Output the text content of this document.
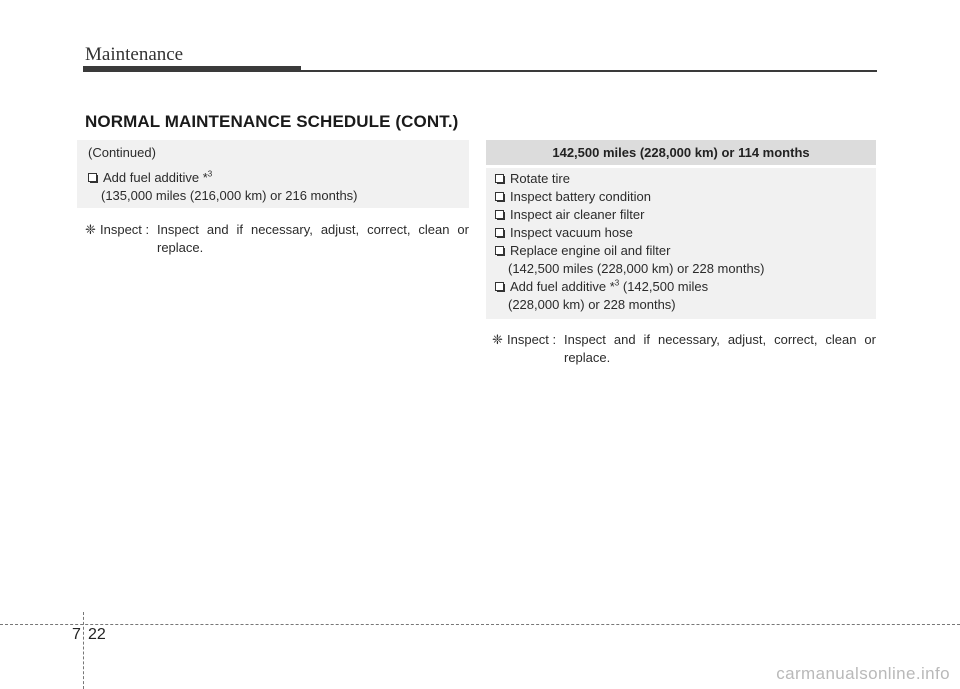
Maintenance
NORMAL MAINTENANCE SCHEDULE (CONT.)
(Continued)
Add fuel additive *$^3$
(135,000 miles (216,000 km) or 216 months)
❈ Inspect : Inspect and if necessary, adjust, correct, clean or
replace.
142,500 miles (228,000 km) or 114 months
Rotate tire
Inspect battery condition
Inspect air cleaner filter
Inspect vacuum hose
Replace engine oil and filter
(142,500 miles (228,000 km) or 228 months)
Add fuel additive *$^3$ (142,500 miles
(228,000 km) or 228 months)
❈ Inspect : Inspect and if necessary, adjust, correct, clean or
replace.
7 22
carmanualsonline.info
